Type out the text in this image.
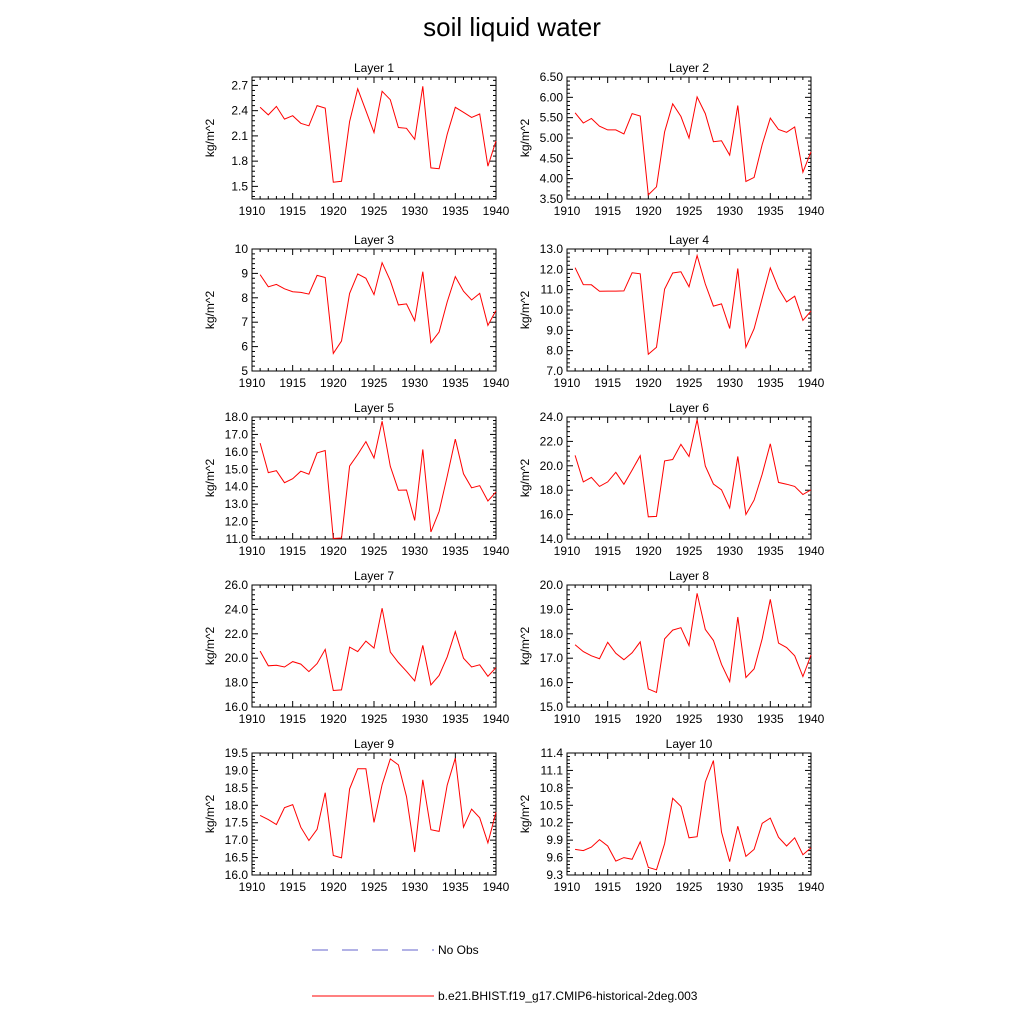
soil liquid water
Layer 1
1910 1915 1920 1925 1930 1935 1940
1.5
1.8
2.1
2.4
2.7
kg/m^2
Layer 2
1910 1915 1920 1925 1930 1935 1940
3.50
4.00
4.50
5.00
5.50
6.00
6.50
kg/m^2
Layer 3
1910 1915 1920 1925 1930 1935 1940
5
6
7
8
9
10
kg/m^2
Layer 4
1910 1915 1920 1925 1930 1935 1940
7.0
8.0
9.0
10.0
11.0
12.0
13.0
kg/m^2
Layer 5
1910 1915 1920 1925 1930 1935 1940
11.0
12.0
13.0
14.0
15.0
16.0
17.0
18.0
kg/m^2
Layer 6
1910 1915 1920 1925 1930 1935 1940
14.0
16.0
18.0
20.0
22.0
24.0
kg/m^2
Layer 7
1910 1915 1920 1925 1930 1935 1940
16.0
18.0
20.0
22.0
24.0
26.0
kg/m^2
Layer 8
1910 1915 1920 1925 1930 1935 1940
15.0
16.0
17.0
18.0
19.0
20.0
kg/m^2
Layer 9
1910 1915 1920 1925 1930 1935 1940
16.0
16.5
17.0
17.5
18.0
18.5
19.0
19.5
kg/m^2
Layer 10
1910 1915 1920 1925 1930 1935 1940
9.3
9.6
9.9
10.2
10.5
10.8
11.1
11.4
kg/m^2
No Obs
b.e21.BHIST.f19_g17.CMIP6-historical-2deg.003
